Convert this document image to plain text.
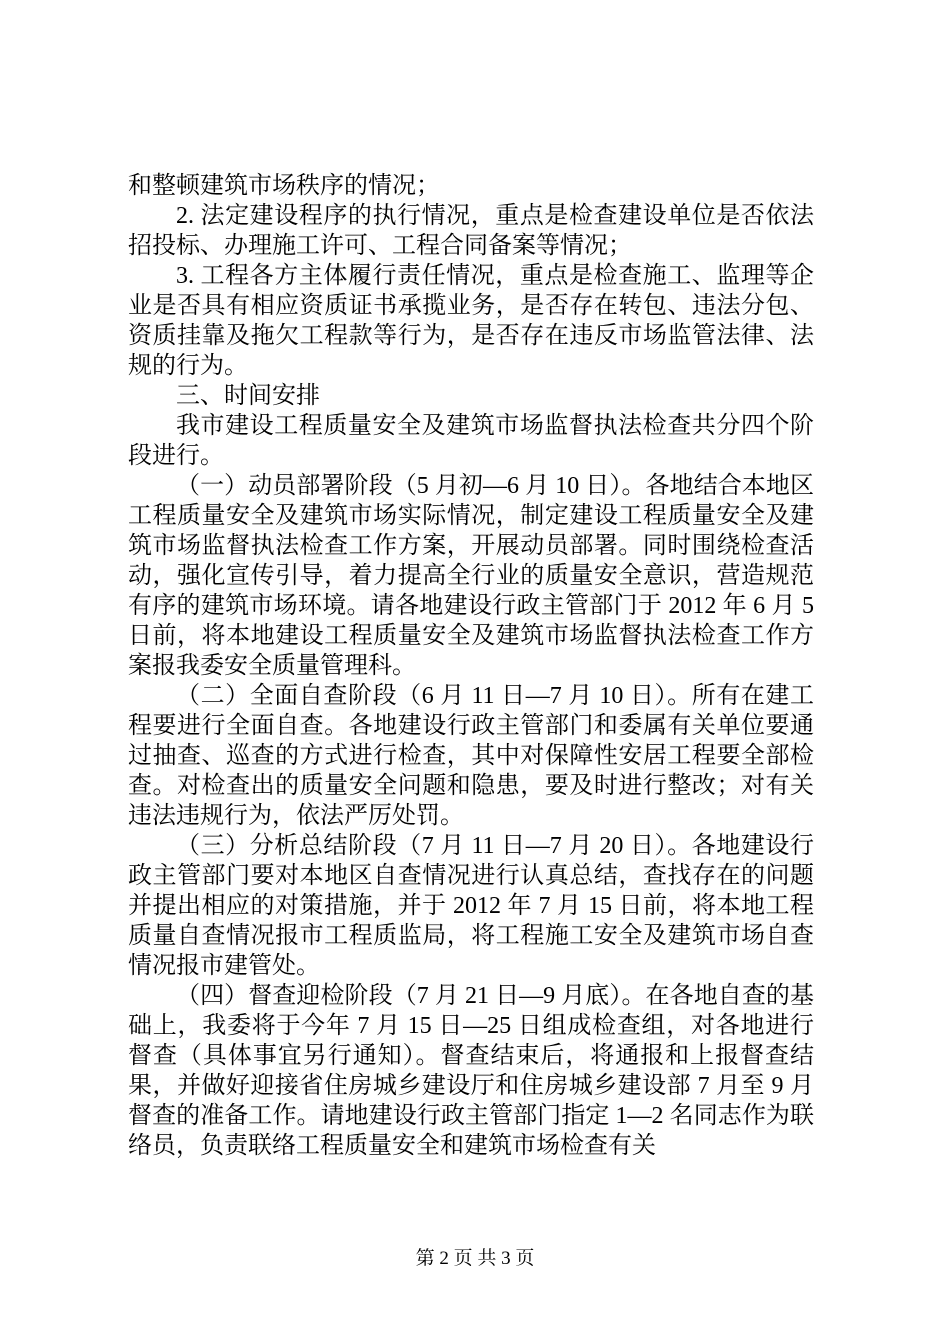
和整顿建筑市场秩序的情况；

2. 法定建设程序的执行情况，重点是检查建设单位是否依法招投标、办理施工许可、工程合同备案等情况；

3. 工程各方主体履行责任情况，重点是检查施工、监理等企业是否具有相应资质证书承揽业务，是否存在转包、违法分包、资质挂靠及拖欠工程款等行为，是否存在违反市场监管法律、法规的行为。

三、时间安排

我市建设工程质量安全及建筑市场监督执法检查共分四个阶段进行。

（一）动员部署阶段（5 月初—6 月 10 日）。各地结合本地区工程质量安全及建筑市场实际情况，制定建设工程质量安全及建筑市场监督执法检查工作方案，开展动员部署。同时围绕检查活动，强化宣传引导，着力提高全行业的质量安全意识，营造规范有序的建筑市场环境。请各地建设行政主管部门于 2012 年 6 月 5 日前，将本地建设工程质量安全及建筑市场监督执法检查工作方案报我委安全质量管理科。

（二）全面自查阶段（6 月 11 日—7 月 10 日）。所有在建工程要进行全面自查。各地建设行政主管部门和委属有关单位要通过抽查、巡查的方式进行检查，其中对保障性安居工程要全部检查。对检查出的质量安全问题和隐患，要及时进行整改；对有关违法违规行为，依法严厉处罚。

（三）分析总结阶段（7 月 11 日—7 月 20 日）。各地建设行政主管部门要对本地区自查情况进行认真总结，查找存在的问题并提出相应的对策措施，并于 2012 年 7 月 15 日前，将本地工程质量自查情况报市工程质监局，将工程施工安全及建筑市场自查情况报市建管处。

（四）督查迎检阶段（7 月 21 日—9 月底）。在各地自查的基础上，我委将于今年 7 月 15 日—25 日组成检查组，对各地进行督查（具体事宜另行通知）。督查结束后，将通报和上报督查结果，并做好迎接省住房城乡建设厅和住房城乡建设部 7 月至 9 月督查的准备工作。请地建设行政主管部门指定 1—2 名同志作为联络员，负责联络工程质量安全和建筑市场检查有关

第 2 页 共 3 页
